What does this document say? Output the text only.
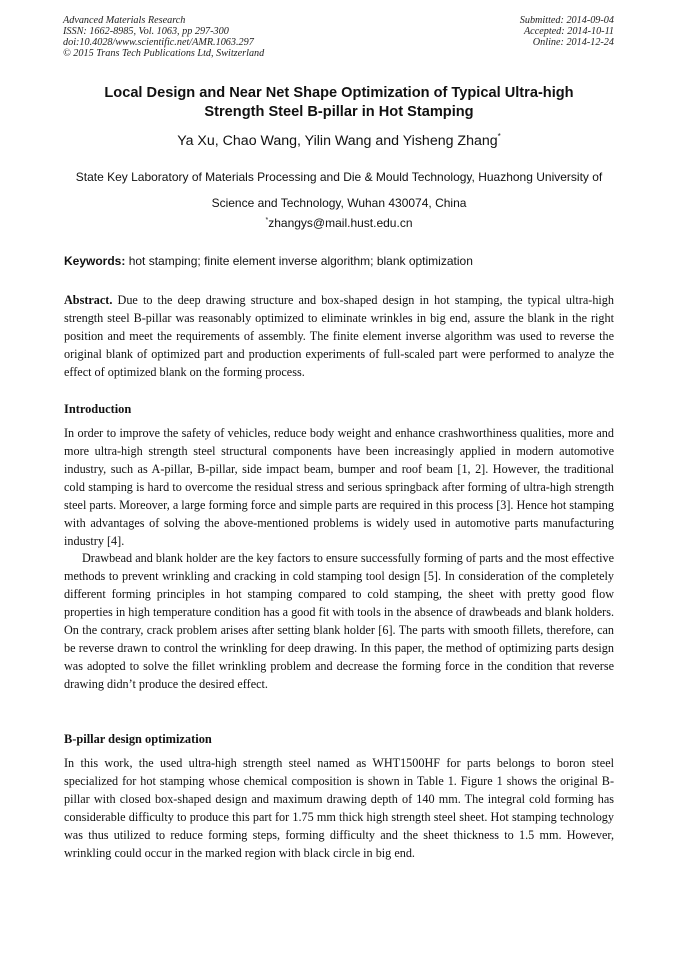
Advanced Materials Research
ISSN: 1662-8985, Vol. 1063, pp 297-300
doi:10.4028/www.scientific.net/AMR.1063.297
© 2015 Trans Tech Publications Ltd, Switzerland
Submitted: 2014-09-04
Accepted: 2014-10-11
Online: 2014-12-24
Local Design and Near Net Shape Optimization of Typical Ultra-high
Strength Steel B-pillar in Hot Stamping
Ya Xu, Chao Wang, Yilin Wang and Yisheng Zhang*
State Key Laboratory of Materials Processing and Die & Mould Technology, Huazhong University of
Science and Technology, Wuhan 430074, China
*zhangys@mail.hust.edu.cn
Keywords: hot stamping; finite element inverse algorithm; blank optimization

Abstract. Due to the deep drawing structure and box-shaped design in hot stamping, the typical ultra-high strength steel B-pillar was reasonably optimized to eliminate wrinkles in big end, assure the blank in the right position and meet the requirements of assembly. The finite element inverse algorithm was used to reverse the original blank of optimized part and production experiments of full-scaled part were performed to analyze the effect of optimized blank on the forming process.

Introduction

In order to improve the safety of vehicles, reduce body weight and enhance crashworthiness qualities, more and more ultra-high strength steel structural components have been increasingly applied in modern automotive industry, such as A-pillar, B-pillar, side impact beam, bumper and roof beam [1, 2]. However, the traditional cold stamping is hard to overcome the residual stress and serious springback after forming of ultra-high strength steel parts. Moreover, a large forming force and simple parts are required in this process [3]. Hence hot stamping with advantages of solving the above-mentioned problems is widely used in automotive parts manufacturing industry [4].

Drawbead and blank holder are the key factors to ensure successfully forming of parts and the most effective methods to prevent wrinkling and cracking in cold stamping tool design [5]. In consideration of the completely different forming principles in hot stamping compared to cold stamping, the sheet with pretty good flow properties in high temperature condition has a good fit with tools in the absence of drawbeads and blank holders. On the contrary, crack problem arises after setting blank holder [6]. The parts with smooth fillets, therefore, can be reverse drawn to control the wrinkling for deep drawing. In this paper, the method of optimizing parts design was adopted to solve the fillet wrinkling problem and decrease the forming force in the condition that reverse drawing didn’t produce the desired effect.

B-pillar design optimization

In this work, the used ultra-high strength steel named as WHT1500HF for parts belongs to boron steel specialized for hot stamping whose chemical composition is shown in Table 1. Figure 1 shows the original B-pillar with closed box-shaped design and maximum drawing depth of 140 mm. The integral cold forming has considerable difficulty to produce this part for 1.75 mm thick high strength steel sheet. Hot stamping technology was thus utilized to reduce forming steps, forming difficulty and the sheet thickness to 1.5 mm. However, wrinkling could occur in the marked region with black circle in big end.
